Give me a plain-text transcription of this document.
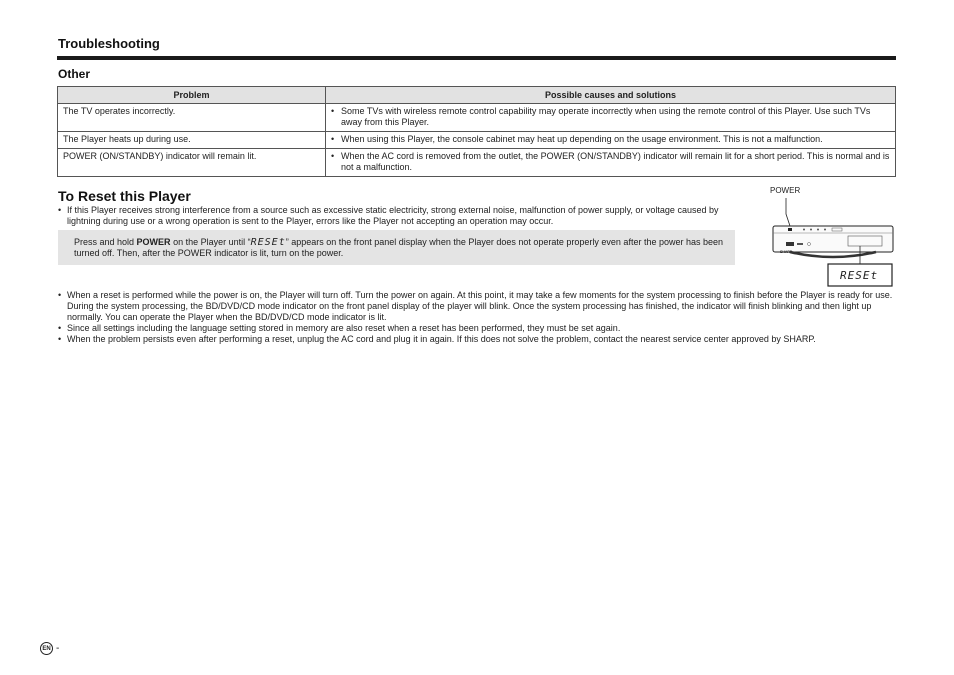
Troubleshooting
Other
Problem	Possible causes and solutions
The TV operates incorrectly.	• Some TVs with wireless remote control capability may operate incorrectly when using the remote control of this Player. Use such TVs away from this Player.

The Player heats up during use.	• When using this Player, the console cabinet may heat up depending on the usage environment. This is not a malfunction.

POWER (ON/STANDBY) indicator will remain lit.	• When the AC cord is removed from the outlet, the POWER (ON/STANDBY) indicator will remain lit for a short period. This is normal and is not a malfunction.
To Reset this Player
• If this Player receives strong interference from a source such as excessive static electricity, strong external noise, malfunction of power supply, or voltage caused by lightning during use or a wrong operation is sent to the Player, errors like the Player not accepting an operation may occur.
Press and hold POWER on the Player until “RESEt” appears on the front panel display when the Player does not operate properly even after the power has been turned off. Then, after the POWER indicator is lit, turn on the power.
POWER
SHARP
RESEt
• When a reset is performed while the power is on, the Player will turn off. Turn the power on again. At this point, it may take a few moments for the system processing to finish before the Player is ready for use. During the system processing, the BD/DVD/CD mode indicator on the front panel display of the player will blink. Once the system processing has finished, the indicator will finish blinking and then light up normally. You can operate the Player when the BD/DVD/CD mode indicator is lit.
• Since all settings including the language setting stored in memory are also reset when a reset has been performed, they must be set again.
• When the problem persists even after performing a reset, unplug the AC cord and plug it in again. If this does not solve the problem, contact the nearest service center approved by SHARP.
EN -
